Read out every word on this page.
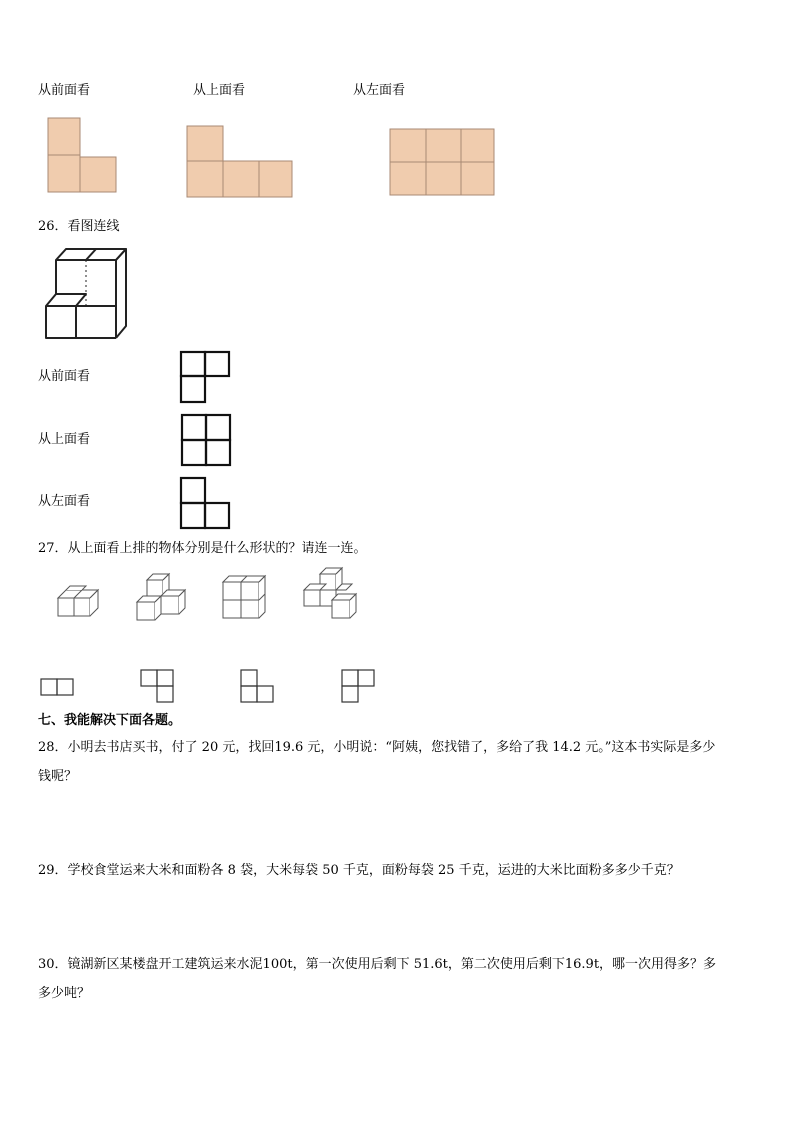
从前面看	从上面看	从左面看
26．看图连线
从前面看
从上面看
从左面看
27．从上面看上排的物体分别是什么形状的？请连一连。
七、我能解决下面各题。
28．小明去书店买书，付了 20 元，找回19.6 元，小明说：“阿姨，您找错了，多给了我 14.2 元。”这本书实际是多少
钱呢？
29．学校食堂运来大米和面粉各 8 袋，大米每袋 50 千克，面粉每袋 25 千克，运进的大米比面粉多多少千克？
30．镜湖新区某楼盘开工建筑运来水泥100t，第一次使用后剩下 51.6t，第二次使用后剩下16.9t，哪一次用得多？多
多少吨？
